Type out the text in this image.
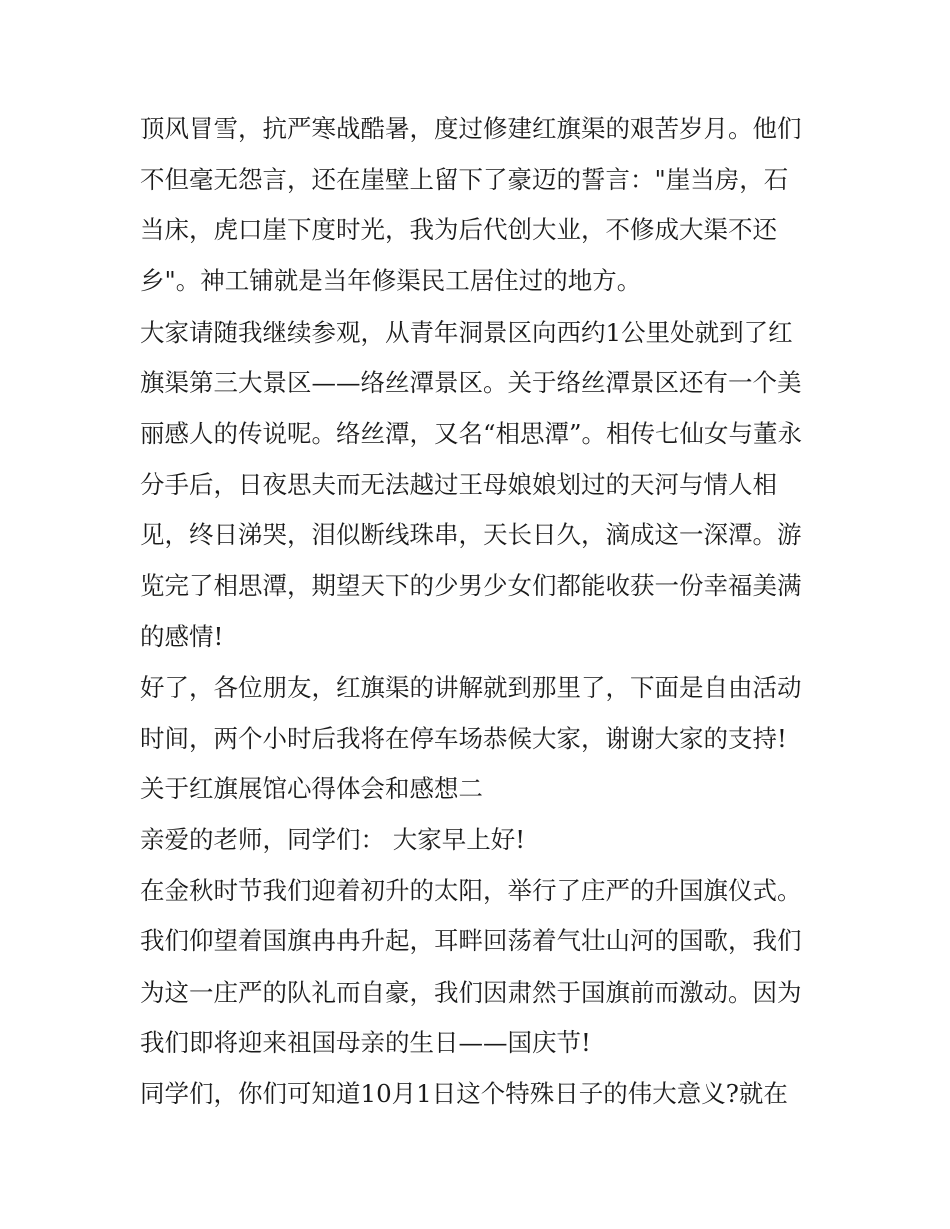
顶风冒雪，抗严寒战酷暑，度过修建红旗渠的艰苦岁月。他们
不但毫无怨言，还在崖壁上留下了豪迈的誓言："崖当房，石
当床，虎口崖下度时光，我为后代创大业，不修成大渠不还
乡"。神工铺就是当年修渠民工居住过的地方。
大家请随我继续参观，从青年洞景区向西约1公里处就到了红
旗渠第三大景区——络丝潭景区。关于络丝潭景区还有一个美
丽感人的传说呢。络丝潭，又名“相思潭”。相传七仙女与董永
分手后，日夜思夫而无法越过王母娘娘划过的天河与情人相
见，终日涕哭，泪似断线珠串，天长日久，滴成这一深潭。游
览完了相思潭，期望天下的少男少女们都能收获一份幸福美满
的感情!
好了，各位朋友，红旗渠的讲解就到那里了，下面是自由活动
时间，两个小时后我将在停车场恭候大家，谢谢大家的支持!
关于红旗展馆心得体会和感想二
亲爱的老师，同学们： 大家早上好!
在金秋时节我们迎着初升的太阳，举行了庄严的升国旗仪式。
我们仰望着国旗冉冉升起，耳畔回荡着气壮山河的国歌，我们
为这一庄严的队礼而自豪，我们因肃然于国旗前而激动。因为
我们即将迎来祖国母亲的生日——国庆节!
同学们，你们可知道10月1日这个特殊日子的伟大意义?就在
